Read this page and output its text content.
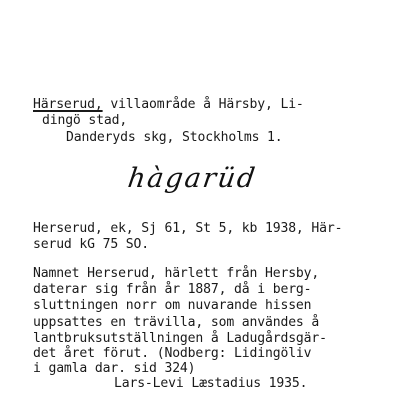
Härserud, villaområde å Härsby, Li-
dingö stad,
Danderyds skg, Stockholms 1.
hàgarüd
Herserud, ek, Sj 61, St 5, kb 1938, Här-
serud kG 75 SO.
Namnet Herserud, härlett från Hersby,
daterar sig från år 1887, då i berg-
sluttningen norr om nuvarande hissen
uppsattes en trävilla, som användes å
lantbruksutställningen å Ladugårdsgär-
det året förut. (Nodberg: Lidingöliv
i gamla dar. sid 324)
Lars-Levi Læstadius 1935.
